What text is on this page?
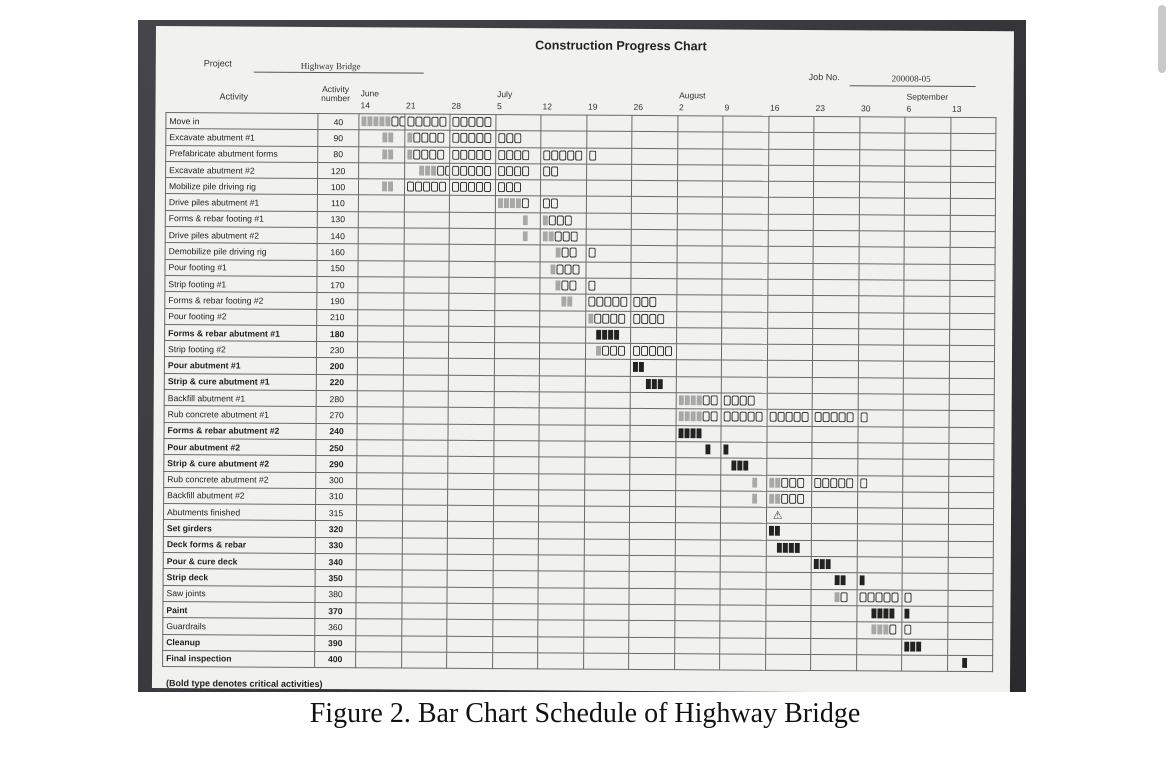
Construction Progress Chart
Project	Highway Bridge
Job No.	200008-05
Activity
Activity number	June	July	August	September
14	21	28	5	12	19	26	2	9	16	23	30	6	13
Move in	40	

Excavate abutment #1	90	

Prefabricate abutment forms	80	

Excavate abutment #2	120		

Mobilize pile driving rig	100	

Drive piles abutment #1	110				

Forms & rebar footing #1	130				

Drive piles abutment #2	140				

Demobilize pile driving rig	160					

Pour footing #1	150					

Strip footing #1	170					

Forms & rebar footing #2	190					

Pour footing #2	210						

Forms & rebar abutment #1	180						

Strip footing #2	230						

Pour abutment #1	200							

Strip & cure abutment #1	220							

Backfill abutment #1	280								

Rub concrete abutment #1	270								

Forms & rebar abutment #2	240								

Pour abutment #2	250								

Strip & cure abutment #2	290									

Rub concrete abutment #2	300									

Backfill abutment #2	310									

Abutments finished	315										⚠				

Set girders	320										

Deck forms & rebar	330										

Pour & cure deck	340											

Strip deck	350											

Saw joints	380											

Paint	370												

Guardrails	360												

Cleanup	390													

Final inspection	400														
(Bold type denotes critical activities)
Figure 2. Bar Chart Schedule of Highway Bridge
